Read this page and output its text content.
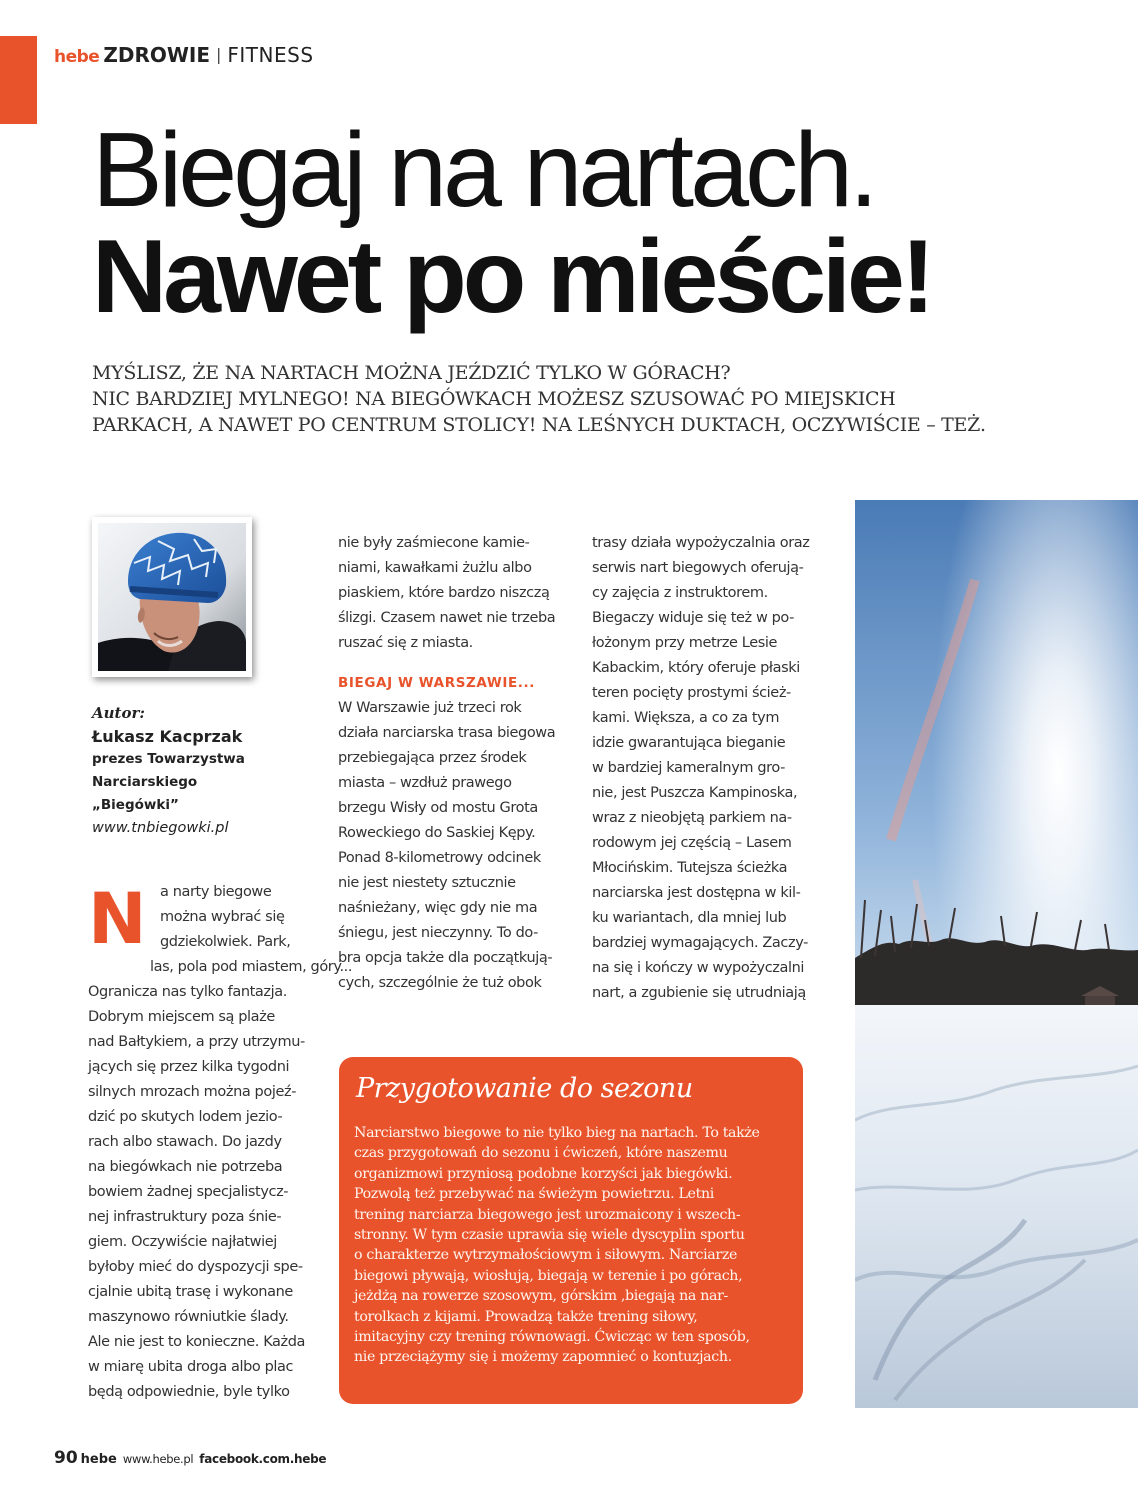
hebe ZDROWIE | FITNESS
Biegaj na nartach.
Nawet po mieście!

MYŚLISZ, ŻE NA NARTACH MOŻNA JEŹDZIĆ TYLKO W GÓRACH?
NIC BARDZIEJ MYLNEGO! NA BIEGÓWKACH MOŻESZ SZUSOWAĆ PO MIEJSKICH
PARKACH, A NAWET PO CENTRUM STOLICY! NA LEŚNYCH DUKTACH, OCZYWIŚCIE – TEŻ.

Autor:
Łukasz Kacprzak
prezes Towarzystwa
Narciarskiego
„Biegówki”
www.tnbiegowki.pl
N a narty biegowe
można wybrać się
gdziekolwiek. Park,
las, pola pod miastem, góry...
Ogranicza nas tylko fantazja.
Dobrym miejscem są plaże
nad Bałtykiem, a przy utrzymu-
jących się przez kilka tygodni
silnych mrozach można pojeź-
dzić po skutych lodem jezio-
rach albo stawach. Do jazdy
na biegówkach nie potrzeba
bowiem żadnej specjalistycz-
nej infrastruktury poza śnie-
giem. Oczywiście najłatwiej
byłoby mieć do dyspozycji spe-
cjalnie ubitą trasę i wykonane
maszynowo równiutkie ślady.
Ale nie jest to konieczne. Każda
w miarę ubita droga albo plac
będą odpowiednie, byle tylko
nie były zaśmiecone kamie-
niami, kawałkami żużlu albo
piaskiem, które bardzo niszczą
ślizgi. Czasem nawet nie trzeba
ruszać się z miasta.
BIEGAJ W WARSZAWIE...
W Warszawie już trzeci rok
działa narciarska trasa biegowa
przebiegająca przez środek
miasta – wzdłuż prawego
brzegu Wisły od mostu Grota
Roweckiego do Saskiej Kępy.
Ponad 8-kilometrowy odcinek
nie jest niestety sztucznie
naśnieżany, więc gdy nie ma
śniegu, jest nieczynny. To do-
bra opcja także dla początkują-
cych, szczególnie że tuż obok
trasy działa wypożyczalnia oraz
serwis nart biegowych oferują-
cy zajęcia z instruktorem.
Biegaczy widuje się też w po-
łożonym przy metrze Lesie
Kabackim, który oferuje płaski
teren pocięty prostymi ścież-
kami. Większa, a co za tym
idzie gwarantująca bieganie
w bardziej kameralnym gro-
nie, jest Puszcza Kampinoska,
wraz z nieobjętą parkiem na-
rodowym jej częścią – Lasem
Młocińskim. Tutejsza ścieżka
narciarska jest dostępna w kil-
ku wariantach, dla mniej lub
bardziej wymagających. Zaczy-
na się i kończy w wypożyczalni
nart, a zgubienie się utrudniają
Przygotowanie do sezonu
Narciarstwo biegowe to nie tylko bieg na nartach. To także
czas przygotowań do sezonu i ćwiczeń, które naszemu
organizmowi przyniosą podobne korzyści jak biegówki.
Pozwolą też przebywać na świeżym powietrzu. Letni
trening narciarza biegowego jest urozmaicony i wszech-
stronny. W tym czasie uprawia się wiele dyscyplin sportu
o charakterze wytrzymałościowym i siłowym. Narciarze
biegowi pływają, wiosłują, biegają w terenie i po górach,
jeżdżą na rowerze szosowym, górskim ,biegają na nar-
torolkach z kijami. Prowadzą także trening siłowy,
imitacyjny czy trening równowagi. Ćwicząc w ten sposób,
nie przeciążymy się i możemy zapomnieć o kontuzjach.
90 hebe www.hebe.pl facebook.com.hebe
